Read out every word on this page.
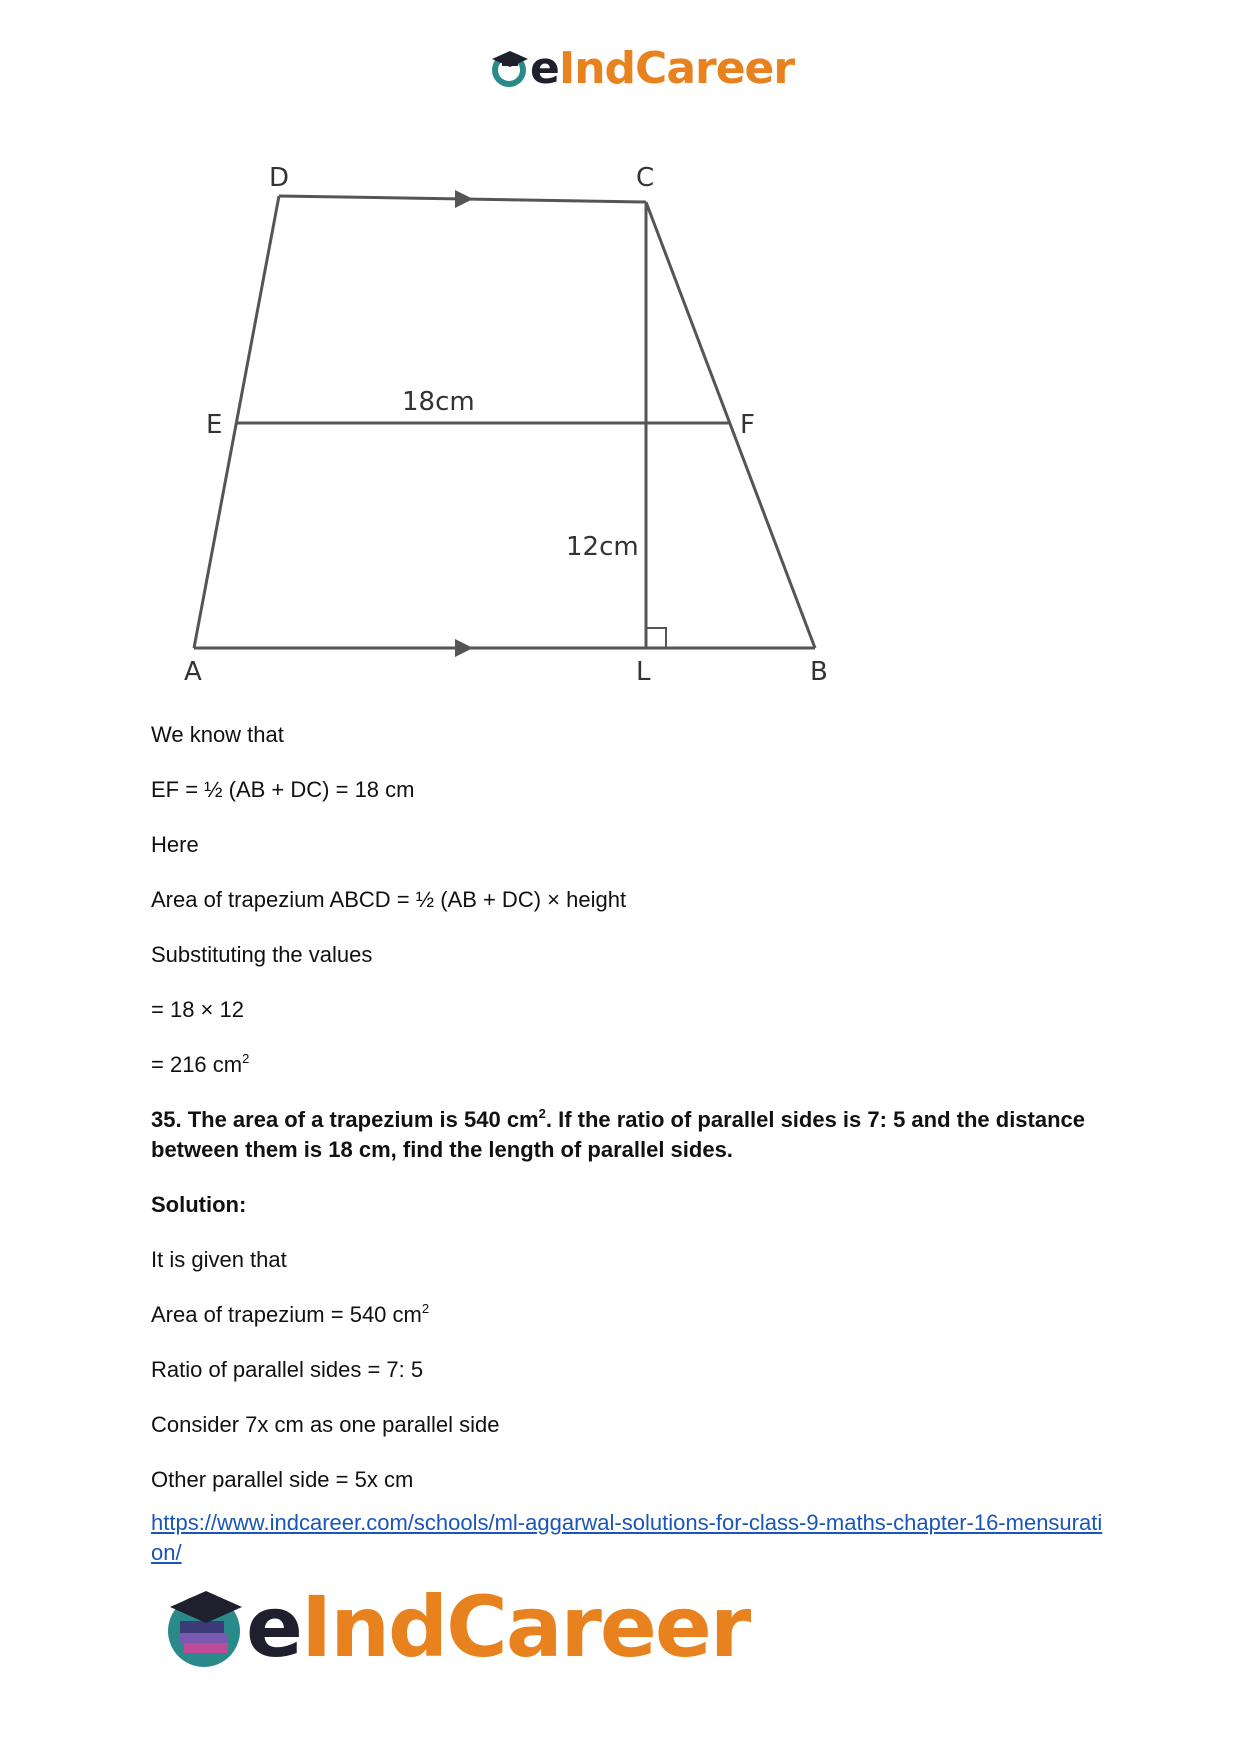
eIndCareer
D	C
E	F
A	L	B
18cm
12cm

We know that

EF = ½ (AB + DC) = 18 cm

Here

Area of trapezium ABCD = ½ (AB + DC) × height

Substituting the values

= 18 × 12

= 216 $cm^2$

35. The area of a trapezium is 540 $cm^2$. If the ratio of parallel sides is 7: 5 and the distance between them is 18 cm, find the length of parallel sides.

Solution:

It is given that

Area of trapezium = 540 $cm^2$

Ratio of parallel sides = 7: 5

Consider 7x cm as one parallel side

Other parallel side = 5x cm

https://www.indcareer.com/schools/ml-aggarwal-solutions-for-class-9-maths-chapter-16-mensuration/
eIndCareer
